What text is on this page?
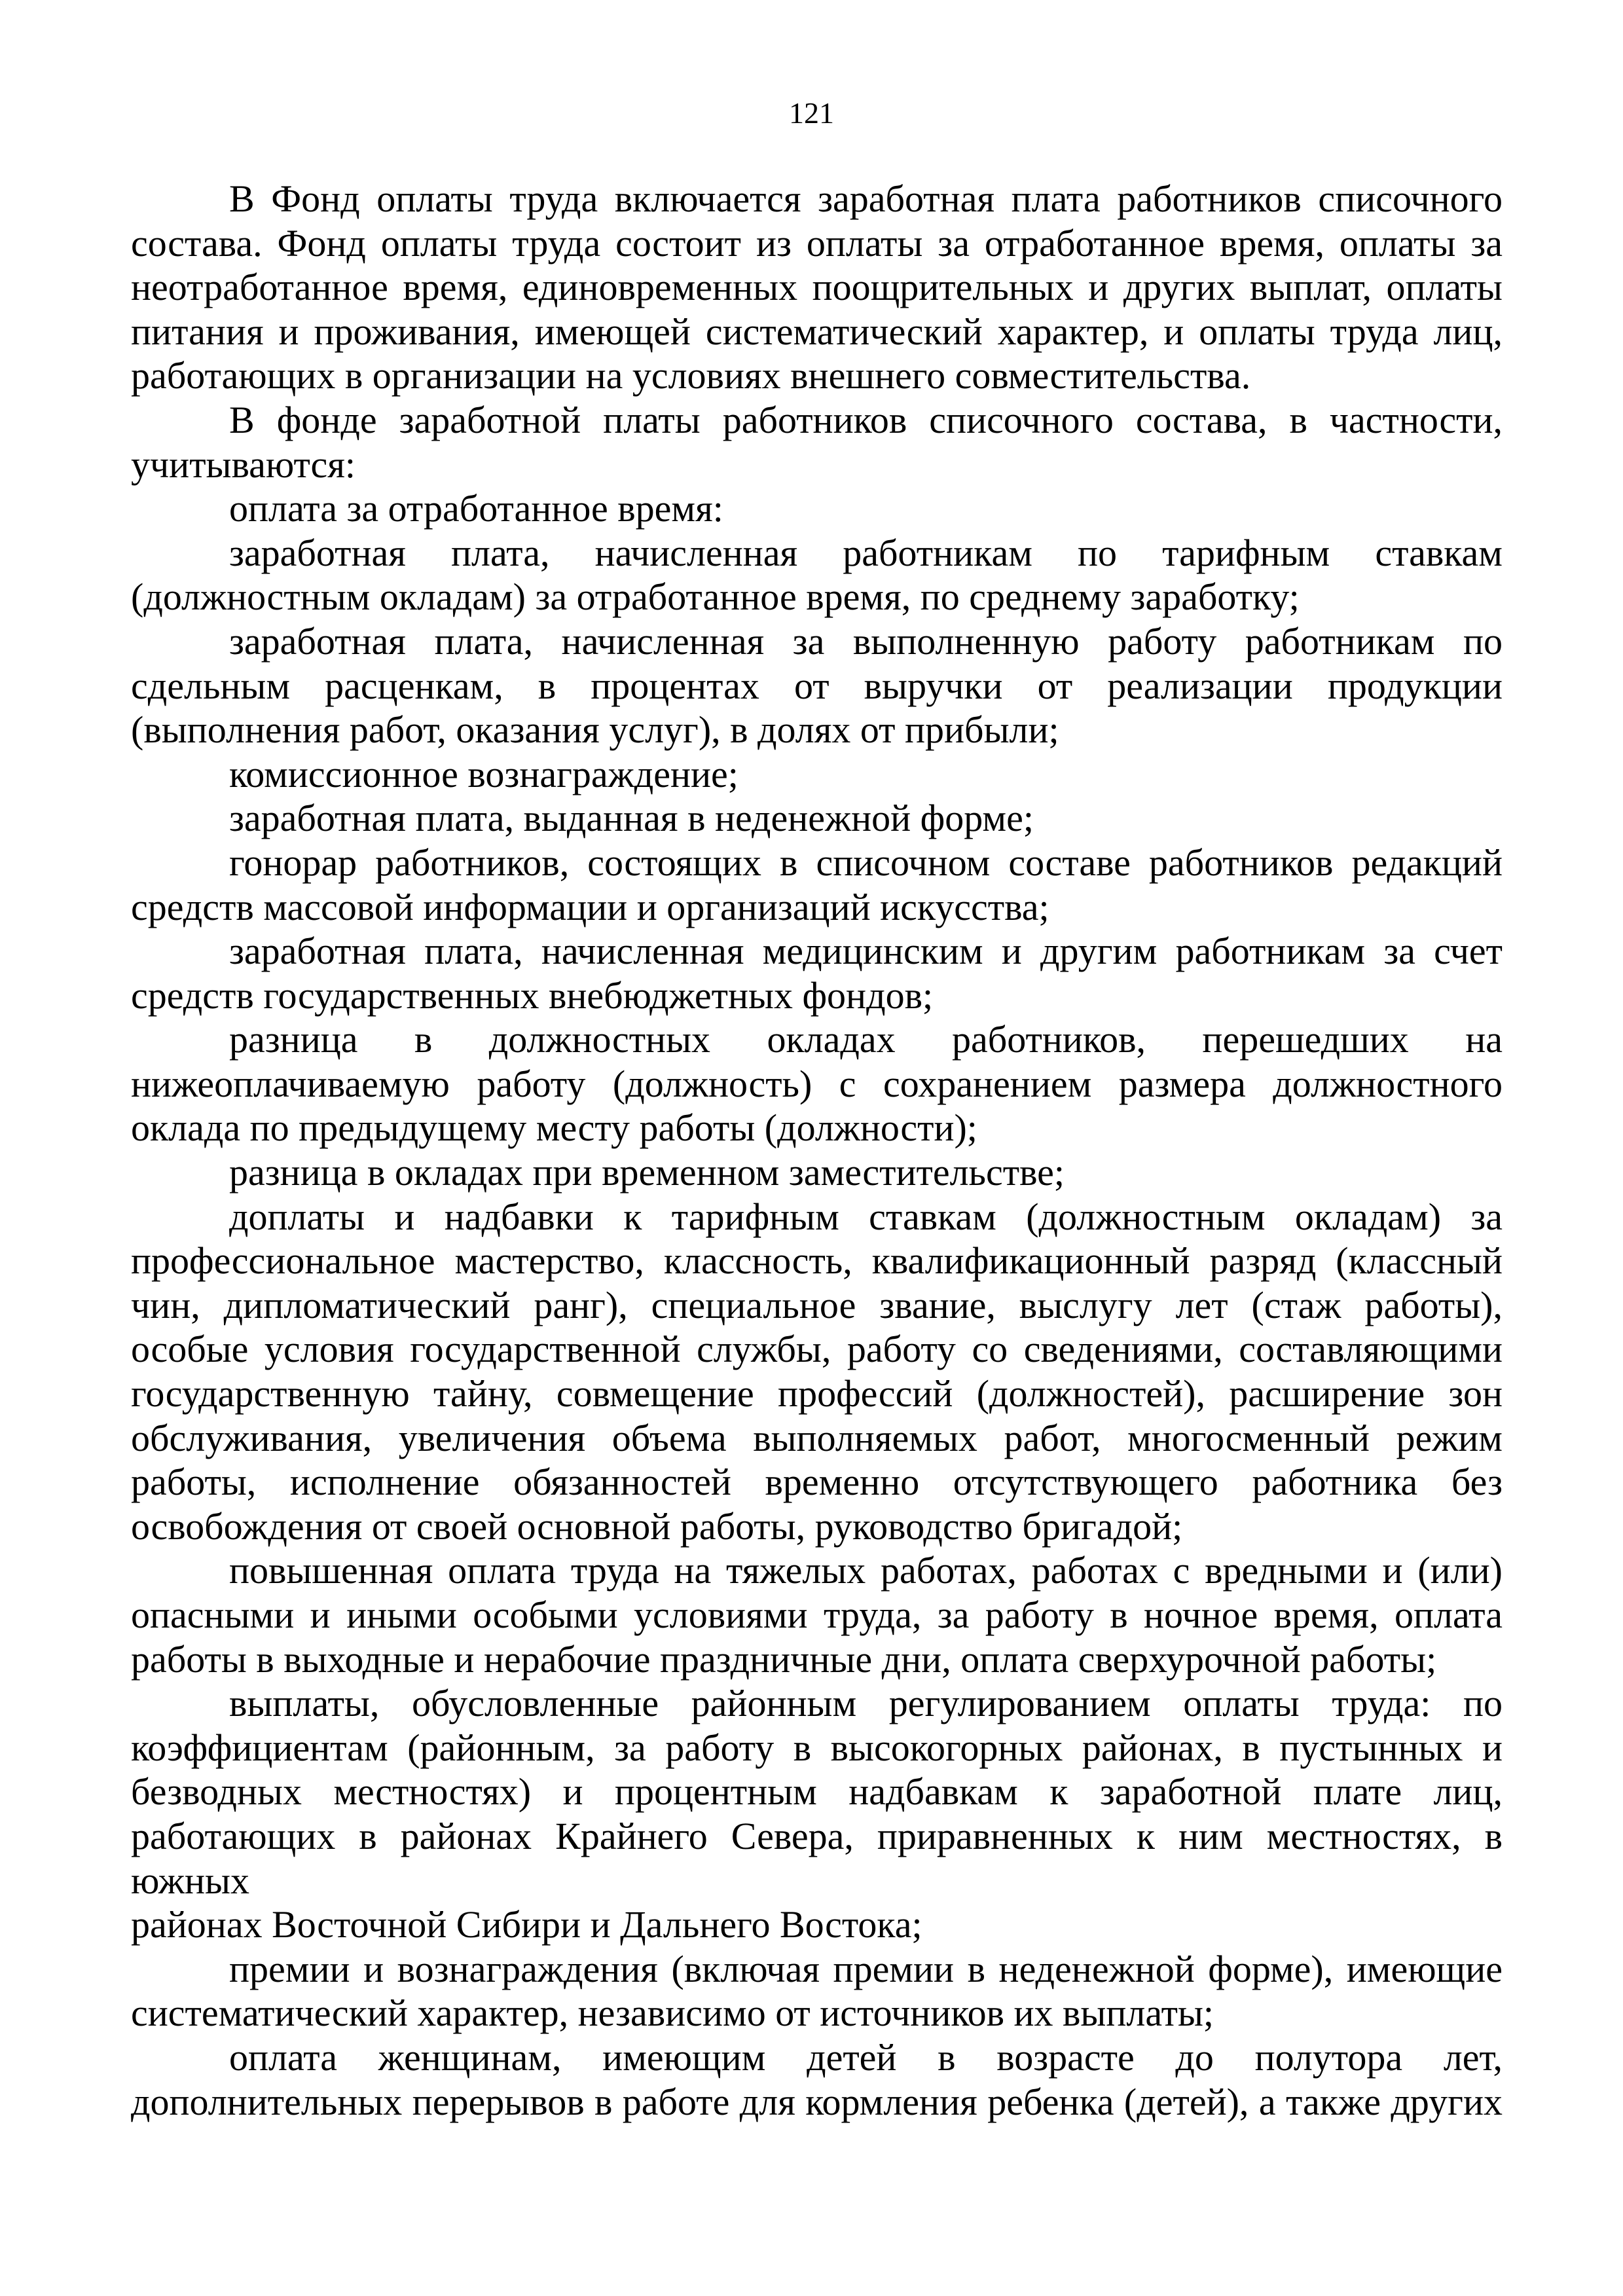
121
В Фонд оплаты труда включается заработная плата работников списочного
состава. Фонд оплаты труда состоит из оплаты за отработанное время, оплаты за
неотработанное время, единовременных поощрительных и других выплат, оплаты
питания и проживания, имеющей систематический характер, и оплаты труда лиц,
работающих в организации на условиях внешнего совместительства.
В фонде заработной платы работников списочного состава, в частности,
учитываются:
оплата за отработанное время:
заработная плата, начисленная работникам по тарифным ставкам
(должностным окладам) за отработанное время, по среднему заработку;
заработная плата, начисленная за выполненную работу работникам по
сдельным расценкам, в процентах от выручки от реализации продукции
(выполнения работ, оказания услуг), в долях от прибыли;
комиссионное вознаграждение;
заработная плата, выданная в неденежной форме;
гонорар работников, состоящих в списочном составе работников редакций
средств массовой информации и организаций искусства;
заработная плата, начисленная медицинским и другим работникам за счет
средств государственных внебюджетных фондов;
разница в должностных окладах работников, перешедших на
нижеоплачиваемую работу (должность) с сохранением размера должностного
оклада по предыдущему месту работы (должности);
разница в окладах при временном заместительстве;
доплаты и надбавки к тарифным ставкам (должностным окладам) за
профессиональное мастерство, классность, квалификационный разряд (классный
чин, дипломатический ранг), специальное звание, выслугу лет (стаж работы),
особые условия государственной службы, работу со сведениями, составляющими
государственную тайну, совмещение профессий (должностей), расширение зон
обслуживания, увеличения объема выполняемых работ, многосменный режим
работы, исполнение обязанностей временно отсутствующего работника без
освобождения от своей основной работы, руководство бригадой;
повышенная оплата труда на тяжелых работах, работах с вредными и (или)
опасными и иными особыми условиями труда, за работу в ночное время, оплата
работы в выходные и нерабочие праздничные дни, оплата сверхурочной работы;
выплаты, обусловленные районным регулированием оплаты труда: по
коэффициентам (районным, за работу в высокогорных районах, в пустынных и
безводных местностях) и процентным надбавкам к заработной плате лиц,
работающих в районах Крайнего Севера, приравненных к ним местностях, в южных
районах Восточной Сибири и Дальнего Востока;
премии и вознаграждения (включая премии в неденежной форме), имеющие
систематический характер, независимо от источников их выплаты;
оплата женщинам, имеющим детей в возрасте до полутора лет,
дополнительных перерывов в работе для кормления ребенка (детей), а также других
